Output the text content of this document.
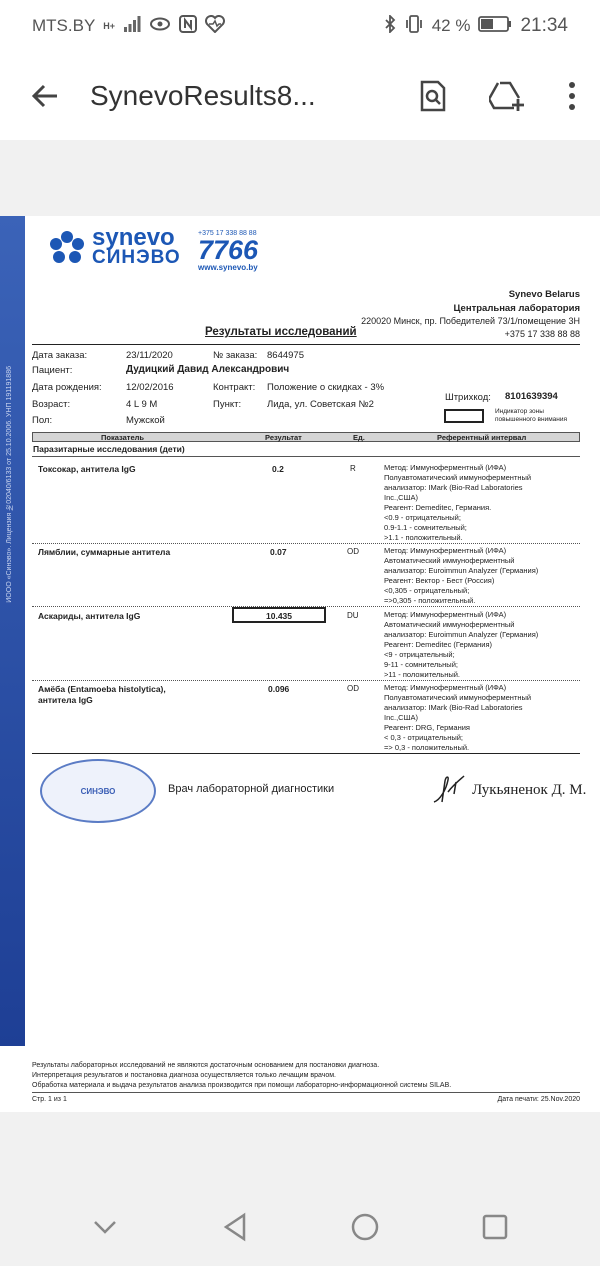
MTS.BY H+	42 %	21:34
SynevoResults8...
ИООО «Синэво». Лицензия №02040/6133 от 25.10.2006. УНП 191191886
synevo
СИНЭВО
+375 17 338 88 88
7766
www.synevo.by
Synevo Belarus
Центральная лаборатория
220020 Минск, пр. Победителей 73/1/помещение 3Н
+375 17 338 88 88
Результаты исследований
Дата заказа:	23/11/2020	№ заказа: 8644975
Пациент:	Дудицкий Давид Александрович
Дата рождения:	12/02/2016	Контракт: Положение о скидках - 3%
Возраст:	4 L 9 M	Пункт:	Лида, ул. Советская №2
Штрихкод: 8101639394
Пол:	Мужской
Индикатор зоны повышенного внимания
Показатель	Результат	Ед.	Референтный интервал
Паразитарные исследования (дети)
Токсокар, антитела IgG	0.2	R	Метод: Иммуноферментный (ИФА)
Полуавтоматический иммуноферментный
анализатор: IMark (Bio-Rad Laboratories
Inc.,США)
Реагент: Demeditec, Германия.
<0.9 - отрицательный;
0.9-1.1 - сомнительный;
>1.1 - положительный.
Лямблии, суммарные антитела	0.07	OD	Метод: Иммуноферментный (ИФА)
Автоматический иммуноферментный
анализатор: Euroimmun Analyzer (Германия)
Реагент: Вектор - Бест (Россия)
<0,305 - отрицательный;
=>0,305 - положительный.
Аскариды, антитела IgG	10.435	DU	Метод: Иммуноферментный (ИФА)
Автоматический иммуноферментный
анализатор: Euroimmun Analyzer (Германия)
Реагент: Demeditec (Германия)
<9 - отрицательный;
9-11 - сомнительный;
>11 - положительный.
Амёба (Entamoeba histolytica),
антитела IgG
0.096	OD	Метод: Иммуноферментный (ИФА)
Полуавтоматический иммуноферментный
анализатор: IMark (Bio-Rad Laboratories
Inc.,США)
Реагент: DRG, Германия
< 0,3 - отрицательный;
=> 0,3 - положительный.
СИНЭВО	Врач лабораторной диагностики	Лукьяненок Д. М.
Результаты лабораторных исследований не являются достаточным основанием для постановки диагноза.
Интерпретация результатов и постановка диагноза осуществляется только лечащим врачом.
Обработка материала и выдача результатов анализа производится при помощи лабораторно-информационной системы SILAB.
Стр. 1 из 1	Дата печати: 25.Nov.2020
